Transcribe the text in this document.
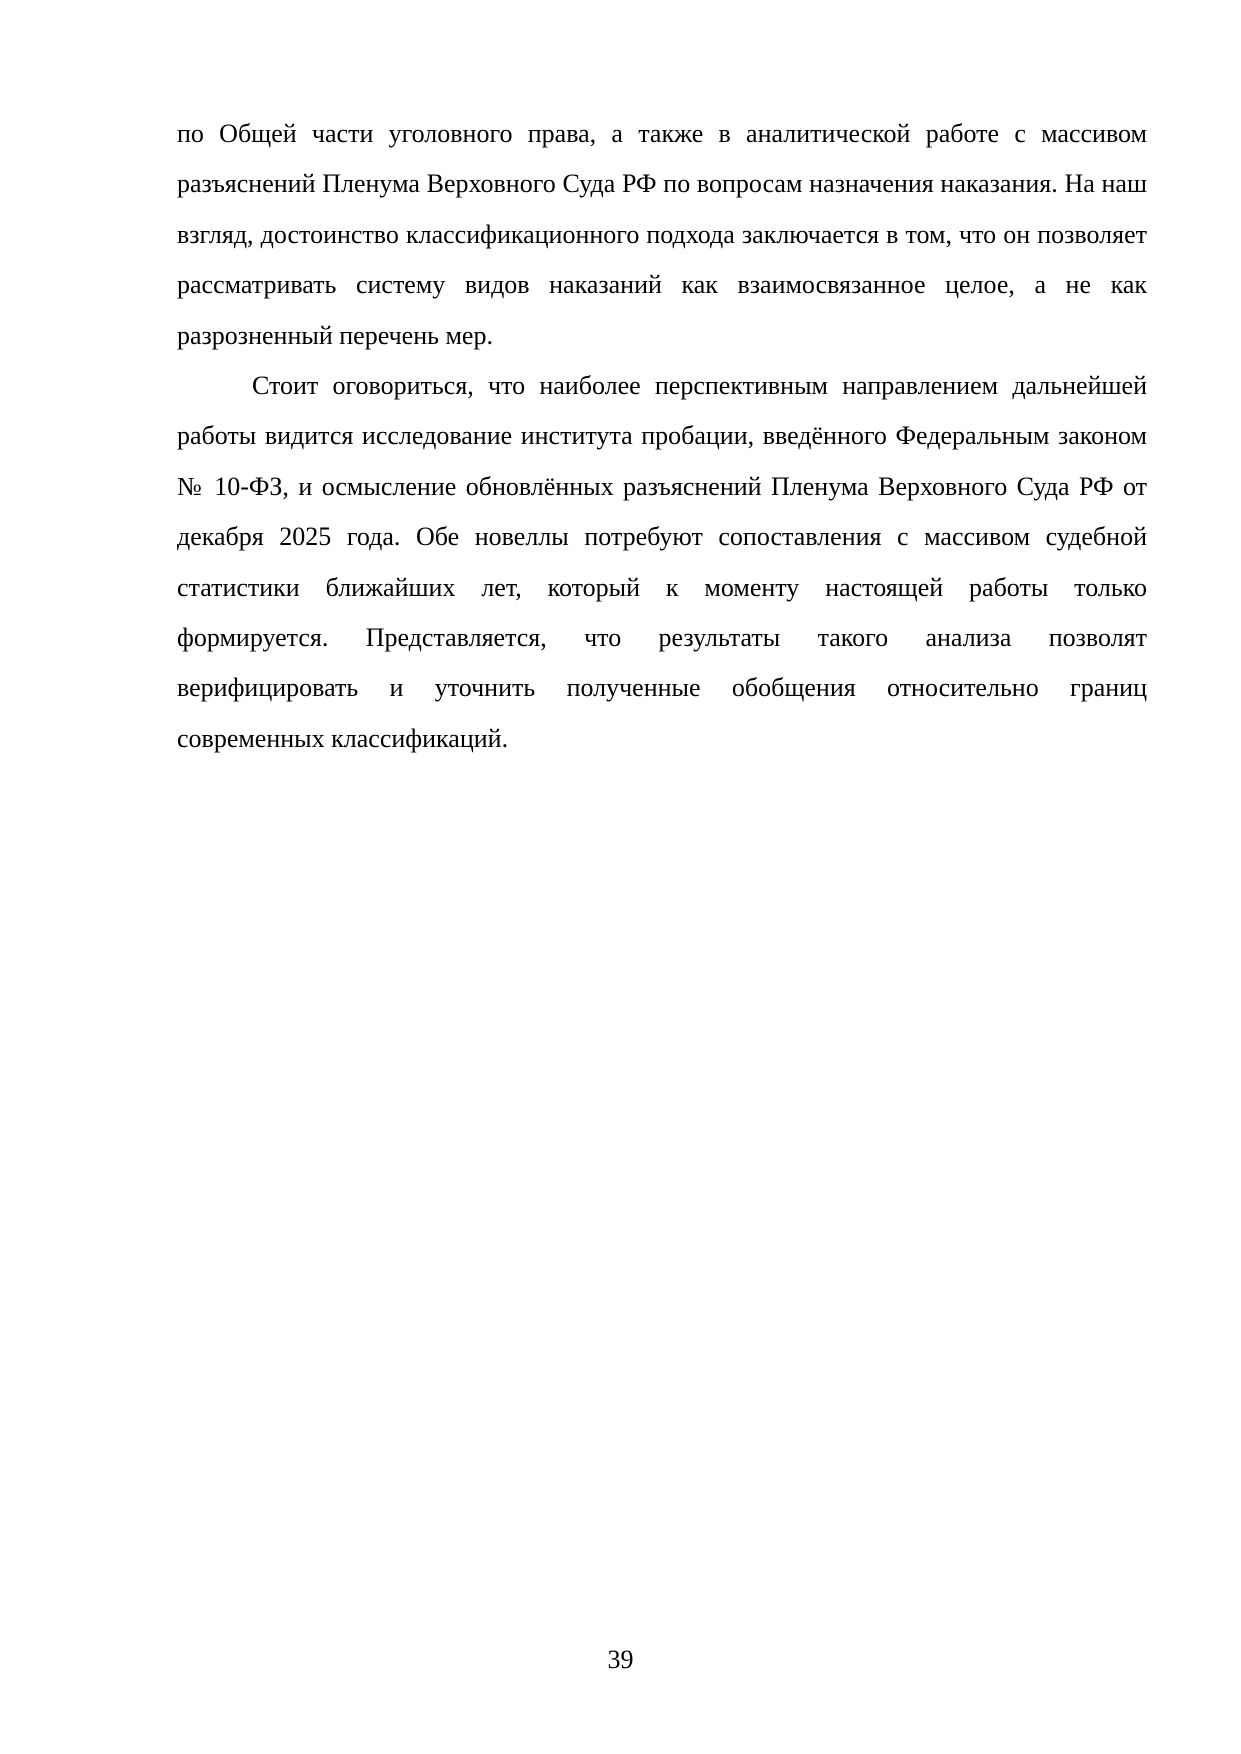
по Общей части уголовного права, а также в аналитической работе с массивом разъяснений Пленума Верховного Суда РФ по вопросам назначения наказания. На наш взгляд, достоинство классификационного подхода заключается в том, что он позволяет рассматривать систему видов наказаний как взаимосвязанное целое, а не как разрозненный перечень мер.

Стоит оговориться, что наиболее перспективным направлением дальнейшей работы видится исследование института пробации, введённого Федеральным законом № 10-ФЗ, и осмысление обновлённых разъяснений Пленума Верховного Суда РФ от декабря 2025 года. Обе новеллы потребуют сопоставления с массивом судебной статистики ближайших лет, который к моменту настоящей работы только формируется. Представляется, что результаты такого анализа позволят верифицировать и уточнить полученные обобщения относительно границ современных классификаций.

39
